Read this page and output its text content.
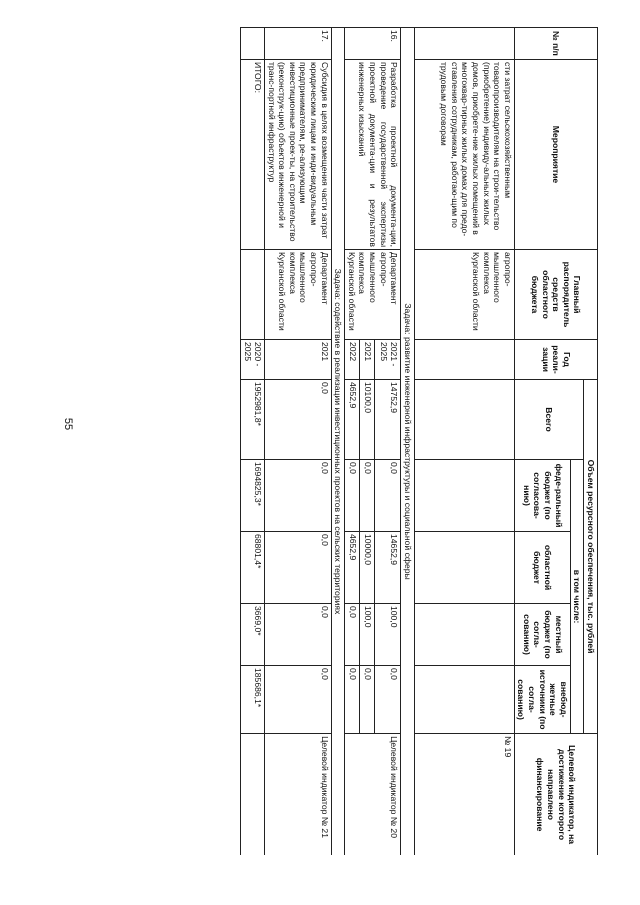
55
№ п/п	Мероприятие	Главный распорядитель средств областного бюджета	Год реали-зации	Объем ресурсного обеспечения, тыс. рублей					Целевой индикатор, на достижение которого направлено финансирование
				Всего	в том числе:				
					феде-ральный бюджет (по согласова-нию)	областной бюджет	местный бюджет (по согла-сованию)	внебюд-жетные источники (по согла-сованию)	
	сти затрат сельскохозяйственным товаропроизводителям на строи-тельство (приобретение) индивиду-альных жилых домов, приобрете-ние жилых помещений в многоквар-тирных жилых домах для предо-ставления сотрудникам, работаю-щим по трудовым договорам	агропро-мышленного комплекса Курганской области							№ 19
Задача: развитие инженерной инфраструктуры и социальной сферы									
16.	Разработка проектной документа-ции, проведение государственной экспертизы проектной документа-ции и результатов инженерных изысканий	Департамент агропро-мышленного комплекса Курганской области	2021 - 2025	14752,9	0,0	14652,9	100,0	0,0	Целевой индикатор № 20
			2021	10100,0	0,0	10000,0	100,0	0,0	
			2022	4652,9	0,0	4652,9	0,0	0,0	
Задача: содействие в реализации инвестиционных проектов на сельских территориях									
17.	Субсидия в целях возмещения части затрат юридическим лицам и инди-видуальным предпринимателям, ре-ализующим инвестиционные проек-ты, на строительство (реконструк-цию) объектов инженерной и транс-портной инфраструктур	Департамент агропро-мышленного комплекса Курганской области	2021	0,0	0,0	0,0	0,0	0,0	Целевой индикатор № 21
	ИТОГО:		2020 - 2025	1952981,8*	1694825,3*	68801,4*	3669,0*	185686,1*	
